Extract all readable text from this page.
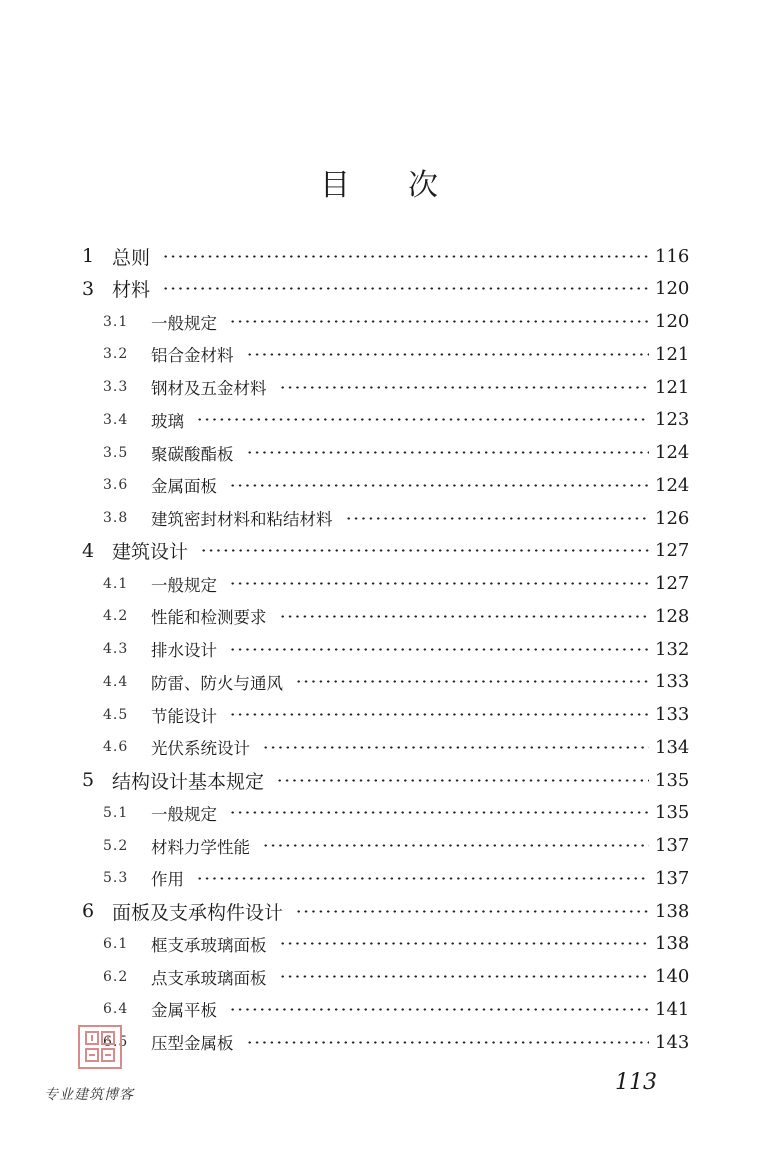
目 次
1 总则	116
3 材料	120
3.1	一般规定	120
3.2	铝合金材料	121
3.3	钢材及五金材料	121
3.4	玻璃	123
3.5	聚碳酸酯板	124
3.6	金属面板	124
3.8	建筑密封材料和粘结材料	126
4 建筑设计	127
4.1	一般规定	127
4.2	性能和检测要求	128
4.3	排水设计	132
4.4	防雷、防火与通风	133
4.5	节能设计	133
4.6	光伏系统设计	134
5 结构设计基本规定	135
5.1	一般规定	135
5.2	材料力学性能	137
5.3	作用	137
6 面板及支承构件设计	138
6.1	框支承玻璃面板	138
6.2	点支承玻璃面板	140
6.4	金属平板	141
6.5	压型金属板	143
专业建筑博客	113
